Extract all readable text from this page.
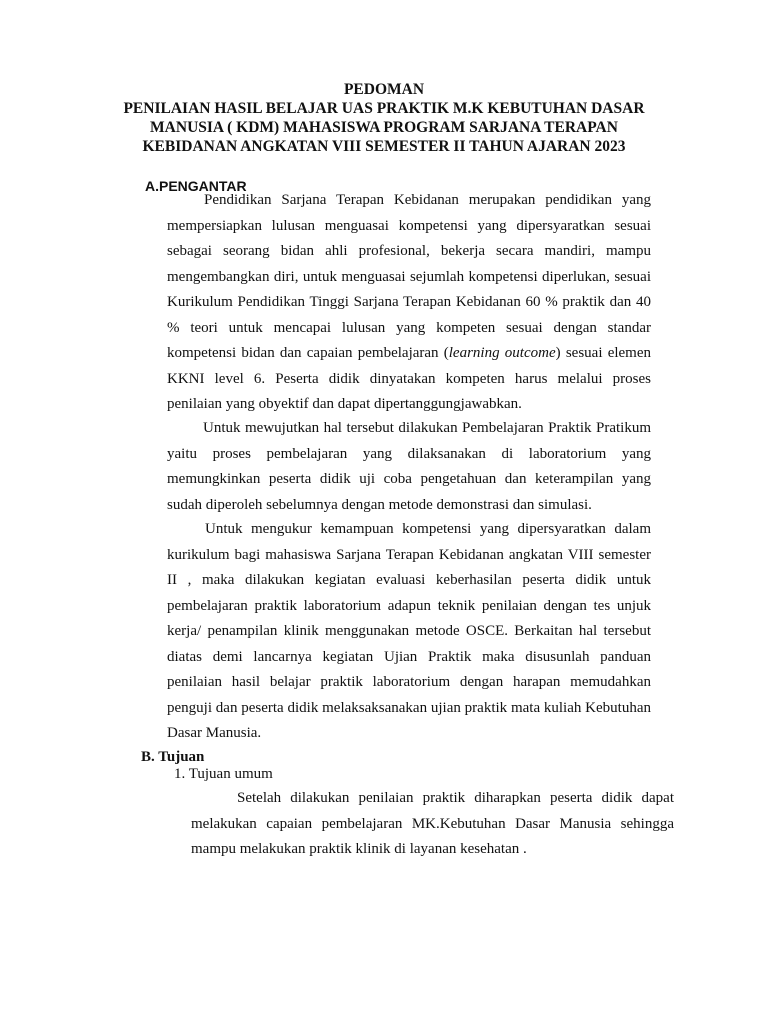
PEDOMAN
PENILAIAN HASIL BELAJAR UAS PRAKTIK M.K KEBUTUHAN DASAR
MANUSIA ( KDM) MAHASISWA PROGRAM SARJANA TERAPAN
KEBIDANAN ANGKATAN VIII SEMESTER II TAHUN AJARAN 2023
A.PENGANTAR

Pendidikan Sarjana Terapan Kebidanan merupakan pendidikan yang mempersiapkan lulusan menguasai kompetensi yang dipersyaratkan sesuai sebagai seorang bidan ahli profesional, bekerja secara mandiri, mampu mengembangkan diri, untuk menguasai sejumlah kompetensi diperlukan, sesuai Kurikulum Pendidikan Tinggi Sarjana Terapan Kebidanan 60 % praktik dan 40 % teori untuk mencapai lulusan yang kompeten sesuai dengan standar kompetensi bidan dan capaian pembelajaran (learning outcome) sesuai elemen KKNI level 6. Peserta didik dinyatakan kompeten harus melalui proses penilaian yang obyektif dan dapat dipertanggungjawabkan.

Untuk mewujutkan hal tersebut dilakukan Pembelajaran Praktik Pratikum yaitu proses pembelajaran yang dilaksanakan di laboratorium yang memungkinkan peserta didik uji coba pengetahuan dan keterampilan yang sudah diperoleh sebelumnya dengan metode demonstrasi dan simulasi.

Untuk mengukur kemampuan kompetensi yang dipersyaratkan dalam kurikulum bagi mahasiswa Sarjana Terapan Kebidanan angkatan VIII semester II , maka dilakukan kegiatan evaluasi keberhasilan peserta didik untuk pembelajaran praktik laboratorium adapun teknik penilaian dengan tes unjuk kerja/ penampilan klinik menggunakan metode OSCE. Berkaitan hal tersebut diatas demi lancarnya kegiatan Ujian Praktik maka disusunlah panduan penilaian hasil belajar praktik laboratorium dengan harapan memudahkan penguji dan peserta didik melaksaksanakan ujian praktik mata kuliah Kebutuhan Dasar Manusia.

B. Tujuan
1. Tujuan umum

Setelah dilakukan penilaian praktik diharapkan peserta didik dapat melakukan capaian pembelajaran MK.Kebutuhan Dasar Manusia sehingga mampu melakukan praktik klinik di layanan kesehatan .
